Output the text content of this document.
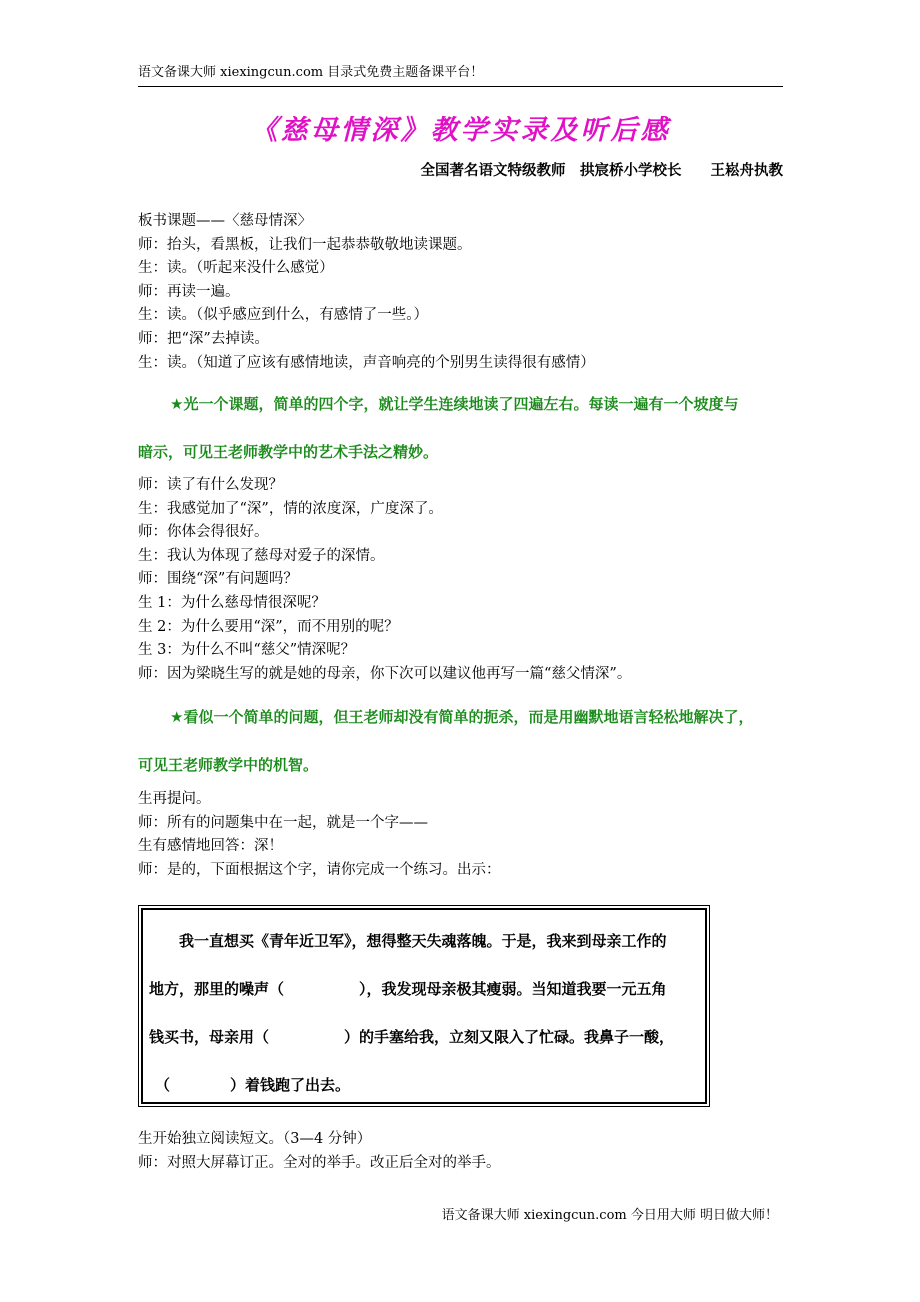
语文备课大师 xiexingcun.com 目录式免费主题备课平台！
《慈母情深》教学实录及听后感
全国著名语文特级教师　拱宸桥小学校长　　王崧舟执教
板书课题——〈慈母情深〉
师：抬头，看黑板，让我们一起恭恭敬敬地读课题。
生：读。（听起来没什么感觉）
师：再读一遍。
生：读。（似乎感应到什么，有感情了一些。）
师：把“深”去掉读。
生：读。（知道了应该有感情地读，声音响亮的个别男生读得很有感情）
★光一个课题，简单的四个字，就让学生连续地读了四遍左右。每读一遍有一个坡度与
暗示，可见王老师教学中的艺术手法之精妙。
师：读了有什么发现？
生：我感觉加了“深”，情的浓度深，广度深了。
师：你体会得很好。
生：我认为体现了慈母对爱子的深情。
师：围绕“深”有问题吗？
生 1：为什么慈母情很深呢？
生 2：为什么要用“深”，而不用别的呢？
生 3：为什么不叫“慈父”情深呢？
师：因为梁晓生写的就是她的母亲，你下次可以建议他再写一篇“慈父情深”。
★看似一个简单的问题，但王老师却没有简单的扼杀，而是用幽默地语言轻松地解决了，
可见王老师教学中的机智。
生再提问。
师：所有的问题集中在一起，就是一个字——
生有感情地回答：深！
师：是的，下面根据这个字，请你完成一个练习。出示：
我一直想买《青年近卫军》，想得整天失魂落魄。于是，我来到母亲工作的
地方，那里的噪声（　　　　　），我发现母亲极其瘦弱。当知道我要一元五角
钱买书，母亲用（　　　　　）的手塞给我，立刻又限入了忙碌。我鼻子一酸，
（　　　　）着钱跑了出去。
生开始独立阅读短文。（3—4 分钟）
师：对照大屏幕订正。全对的举手。改正后全对的举手。
语文备课大师 xiexingcun.com 今日用大师 明日做大师！
